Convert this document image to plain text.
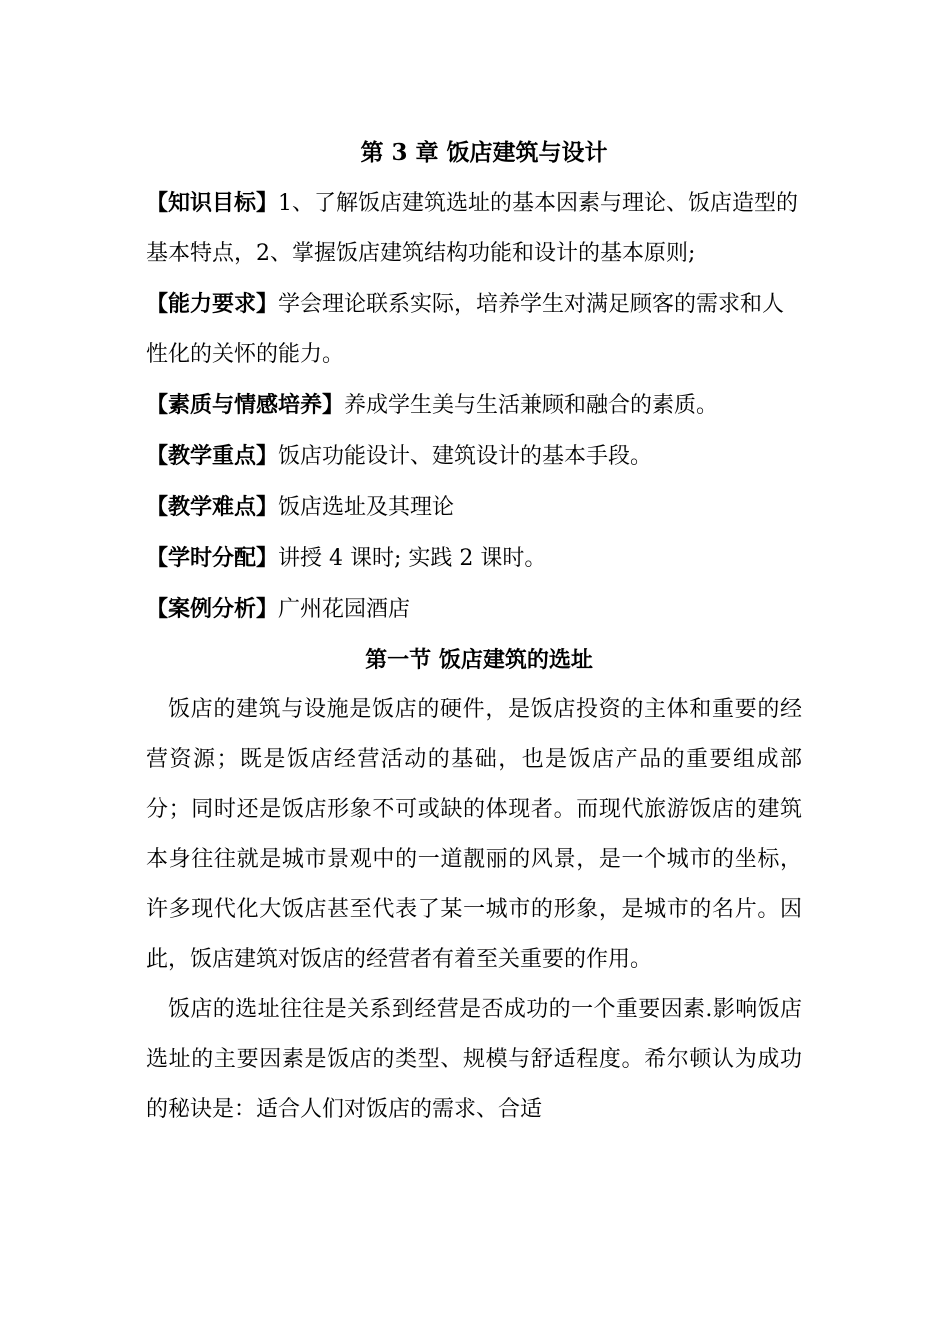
第 3 章 饭店建筑与设计

【知识目标】1、了解饭店建筑选址的基本因素与理论、饭店造型的基本特点，2、掌握饭店建筑结构功能和设计的基本原则;

【能力要求】学会理论联系实际，培养学生对满足顾客的需求和人性化的关怀的能力。

【素质与情感培养】养成学生美与生活兼顾和融合的素质。

【教学重点】饭店功能设计、建筑设计的基本手段。

【教学难点】饭店选址及其理论

【学时分配】讲授 4 课时; 实践 2 课时。

【案例分析】广州花园酒店

第一节 饭店建筑的选址

饭店的建筑与设施是饭店的硬件，是饭店投资的主体和重要的经营资源；既是饭店经营活动的基础，也是饭店产品的重要组成部分；同时还是饭店形象不可或缺的体现者。而现代旅游饭店的建筑本身往往就是城市景观中的一道靓丽的风景，是一个城市的坐标，许多现代化大饭店甚至代表了某一城市的形象，是城市的名片。因此，饭店建筑对饭店的经营者有着至关重要的作用。

饭店的选址往往是关系到经营是否成功的一个重要因素.影响饭店选址的主要因素是饭店的类型、规模与舒适程度。希尔顿认为成功的秘诀是：适合人们对饭店的需求、合适
